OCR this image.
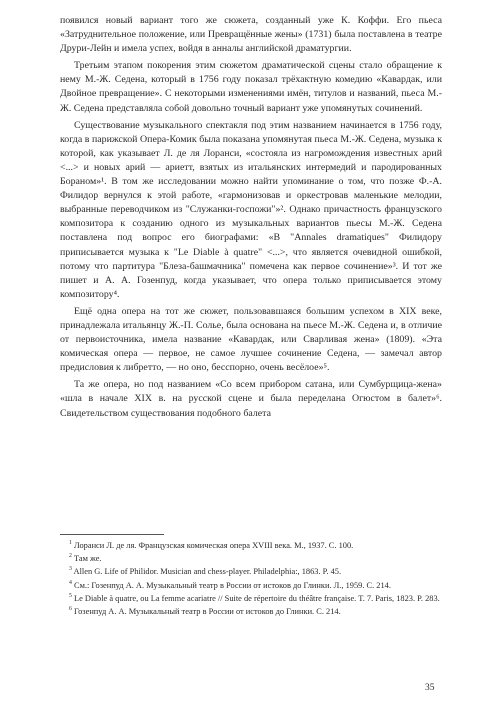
появился новый вариант того же сюжета, созданный уже К. Коффи. Его пьеса «Затруднительное положение, или Превращённые жены» (1731) была поставлена в театре Друри-Лейн и имела успех, войдя в анналы английской драматургии.

Третьим этапом покорения этим сюжетом драматической сцены стало обращение к нему М.-Ж. Седена, который в 1756 году показал трёхактную комедию «Кавардак, или Двойное превращение». С некоторыми изменениями имён, титулов и названий, пьеса М.-Ж. Седена представляла собой довольно точный вариант уже упомянутых сочинений.

Существование музыкального спектакля под этим названием начинается в 1756 году, когда в парижской Опера-Комик была показана упомянутая пьеса М.-Ж. Седена, музыка к которой, как указывает Л. де ля Лоранси, «состояла из нагромождения известных арий <...> и новых арий — ариетт, взятых из итальянских интермедий и пародированных Бораном»¹. В том же исследовании можно найти упоминание о том, что позже Ф.-А. Филидор вернулся к этой работе, «гармонизовав и оркестровав маленькие мелодии, выбранные переводчиком из "Служанки-госпожи"»². Однако причастность французского композитора к созданию одного из музыкальных вариантов пьесы М.-Ж. Седена поставлена под вопрос его биографами: «В "Annales dramatiques" Филидору приписывается музыка к "Le Diable à quatre" <...>, что является очевидной ошибкой, потому что партитура "Блеза-башмачника" помечена как первое сочинение»³. И тот же пишет и А. А. Гозенпуд, когда указывает, что опера только приписывается этому композитору⁴.

Ещё одна опера на тот же сюжет, пользовавшаяся большим успехом в XIX веке, принадлежала итальянцу Ж.-П. Солье, была основана на пьесе М.-Ж. Седена и, в отличие от первоисточника, имела название «Кавардак, или Сварливая жена» (1809). «Эта комическая опера — первое, не самое лучшее сочинение Седена, — замечал автор предисловия к либретто, — но оно, бесспорно, очень весёлое»⁵.

Та же опера, но под названием «Со всем прибором сатана, или Сумбурщица-жена» «шла в начале XIX в. на русской сцене и была переделана Огюстом в балет»⁶. Свидетельством существования подобного балета

$^1$ Лоранси Л. де ля. Французская комическая опера XVIII века. М., 1937. С. 100.
$^2$ Там же.
$^3$ Allen G. Life of Philidor. Musician and chess-player. Philadelphia:, 1863. P. 45.
$^4$ См.: Гозенпуд А. А. Музыкальный театр в России от истоков до Глинки. Л., 1959. С. 214.
$^5$ Le Diable à quatre, ou La femme acariatre // Suite de répertoire du théâtre française. T. 7. Paris, 1823. P. 283.
$^6$ Гозенпуд А. А. Музыкальный театр в России от истоков до Глинки. С. 214.
35
